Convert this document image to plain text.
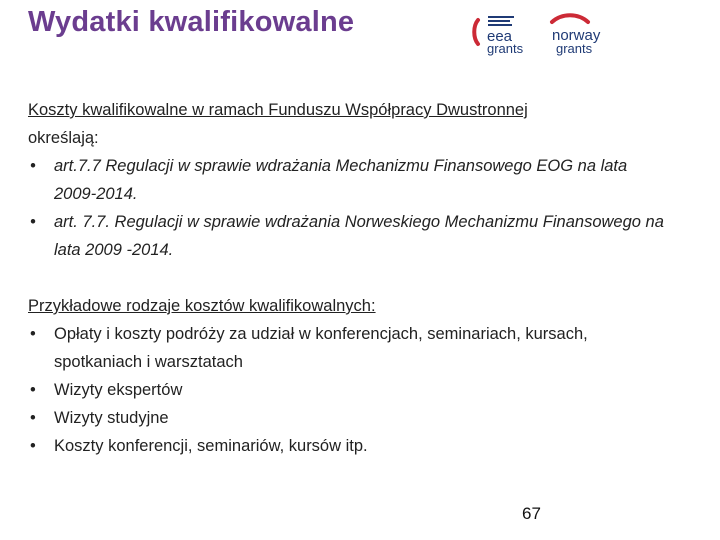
Wydatki kwalifikowalne	eea
grants
norway
grants

Koszty kwalifikowalne w ramach Funduszu Współpracy Dwustronnej

określają:

• art.7.7 Regulacji w sprawie wdrażania Mechanizmu Finansowego EOG na lata 2009-2014.
• art. 7.7. Regulacji w sprawie wdrażania Norweskiego Mechanizmu Finansowego na lata 2009 -2014.

Przykładowe rodzaje kosztów kwalifikowalnych:

• Opłaty i koszty podróży za udział w konferencjach, seminariach, kursach, spotkaniach i warsztatach
• Wizyty ekspertów
• Wizyty studyjne
• Koszty konferencji, seminariów, kursów itp.
67
